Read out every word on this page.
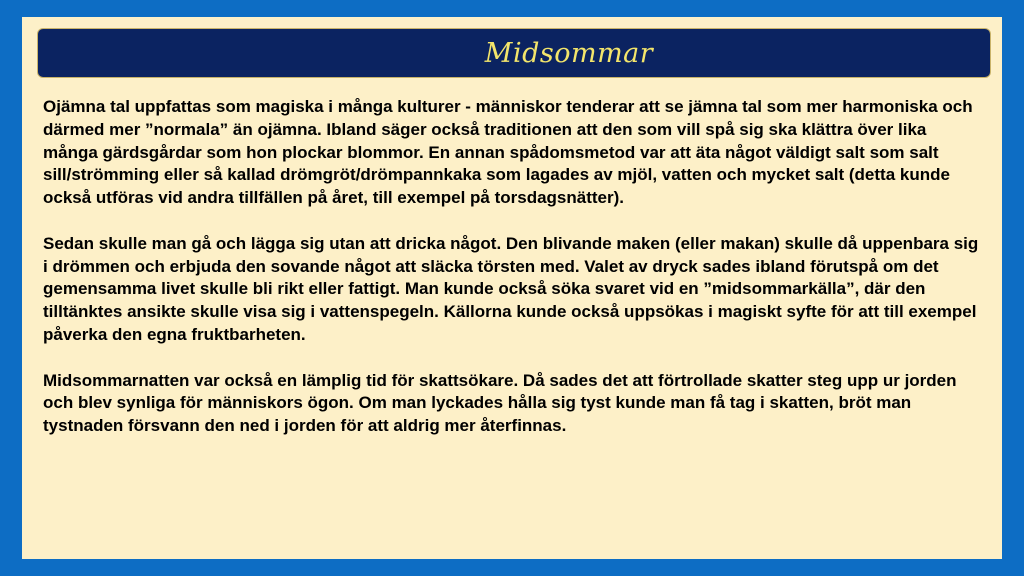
Midsommar

Ojämna tal uppfattas som magiska i många kulturer - människor tenderar att se jämna tal som mer harmoniska och därmed mer ”normala” än ojämna. Ibland säger också traditionen att den som vill spå sig ska klättra över lika många gärdsgårdar som hon plockar blommor. En annan spådomsmetod var att äta något väldigt salt som salt sill/strömming eller så kallad drömgröt/drömpannkaka som lagades av mjöl, vatten och mycket salt (detta kunde också utföras vid andra tillfällen på året, till exempel på torsdagsnätter).

Sedan skulle man gå och lägga sig utan att dricka något. Den blivande maken (eller makan) skulle då uppenbara sig i drömmen och erbjuda den sovande något att släcka törsten med. Valet av dryck sades ibland förutspå om det gemensamma livet skulle bli rikt eller fattigt. Man kunde också söka svaret vid en ”midsommarkälla”, där den tilltänktes ansikte skulle visa sig i vattenspegeln. Källorna kunde också uppsökas i magiskt syfte för att till exempel påverka den egna fruktbarheten.

Midsommarnatten var också en lämplig tid för skattsökare. Då sades det att förtrollade skatter steg upp ur jorden och blev synliga för människors ögon. Om man lyckades hålla sig tyst kunde man få tag i skatten, bröt man tystnaden försvann den ned i jorden för att aldrig mer återfinnas.
